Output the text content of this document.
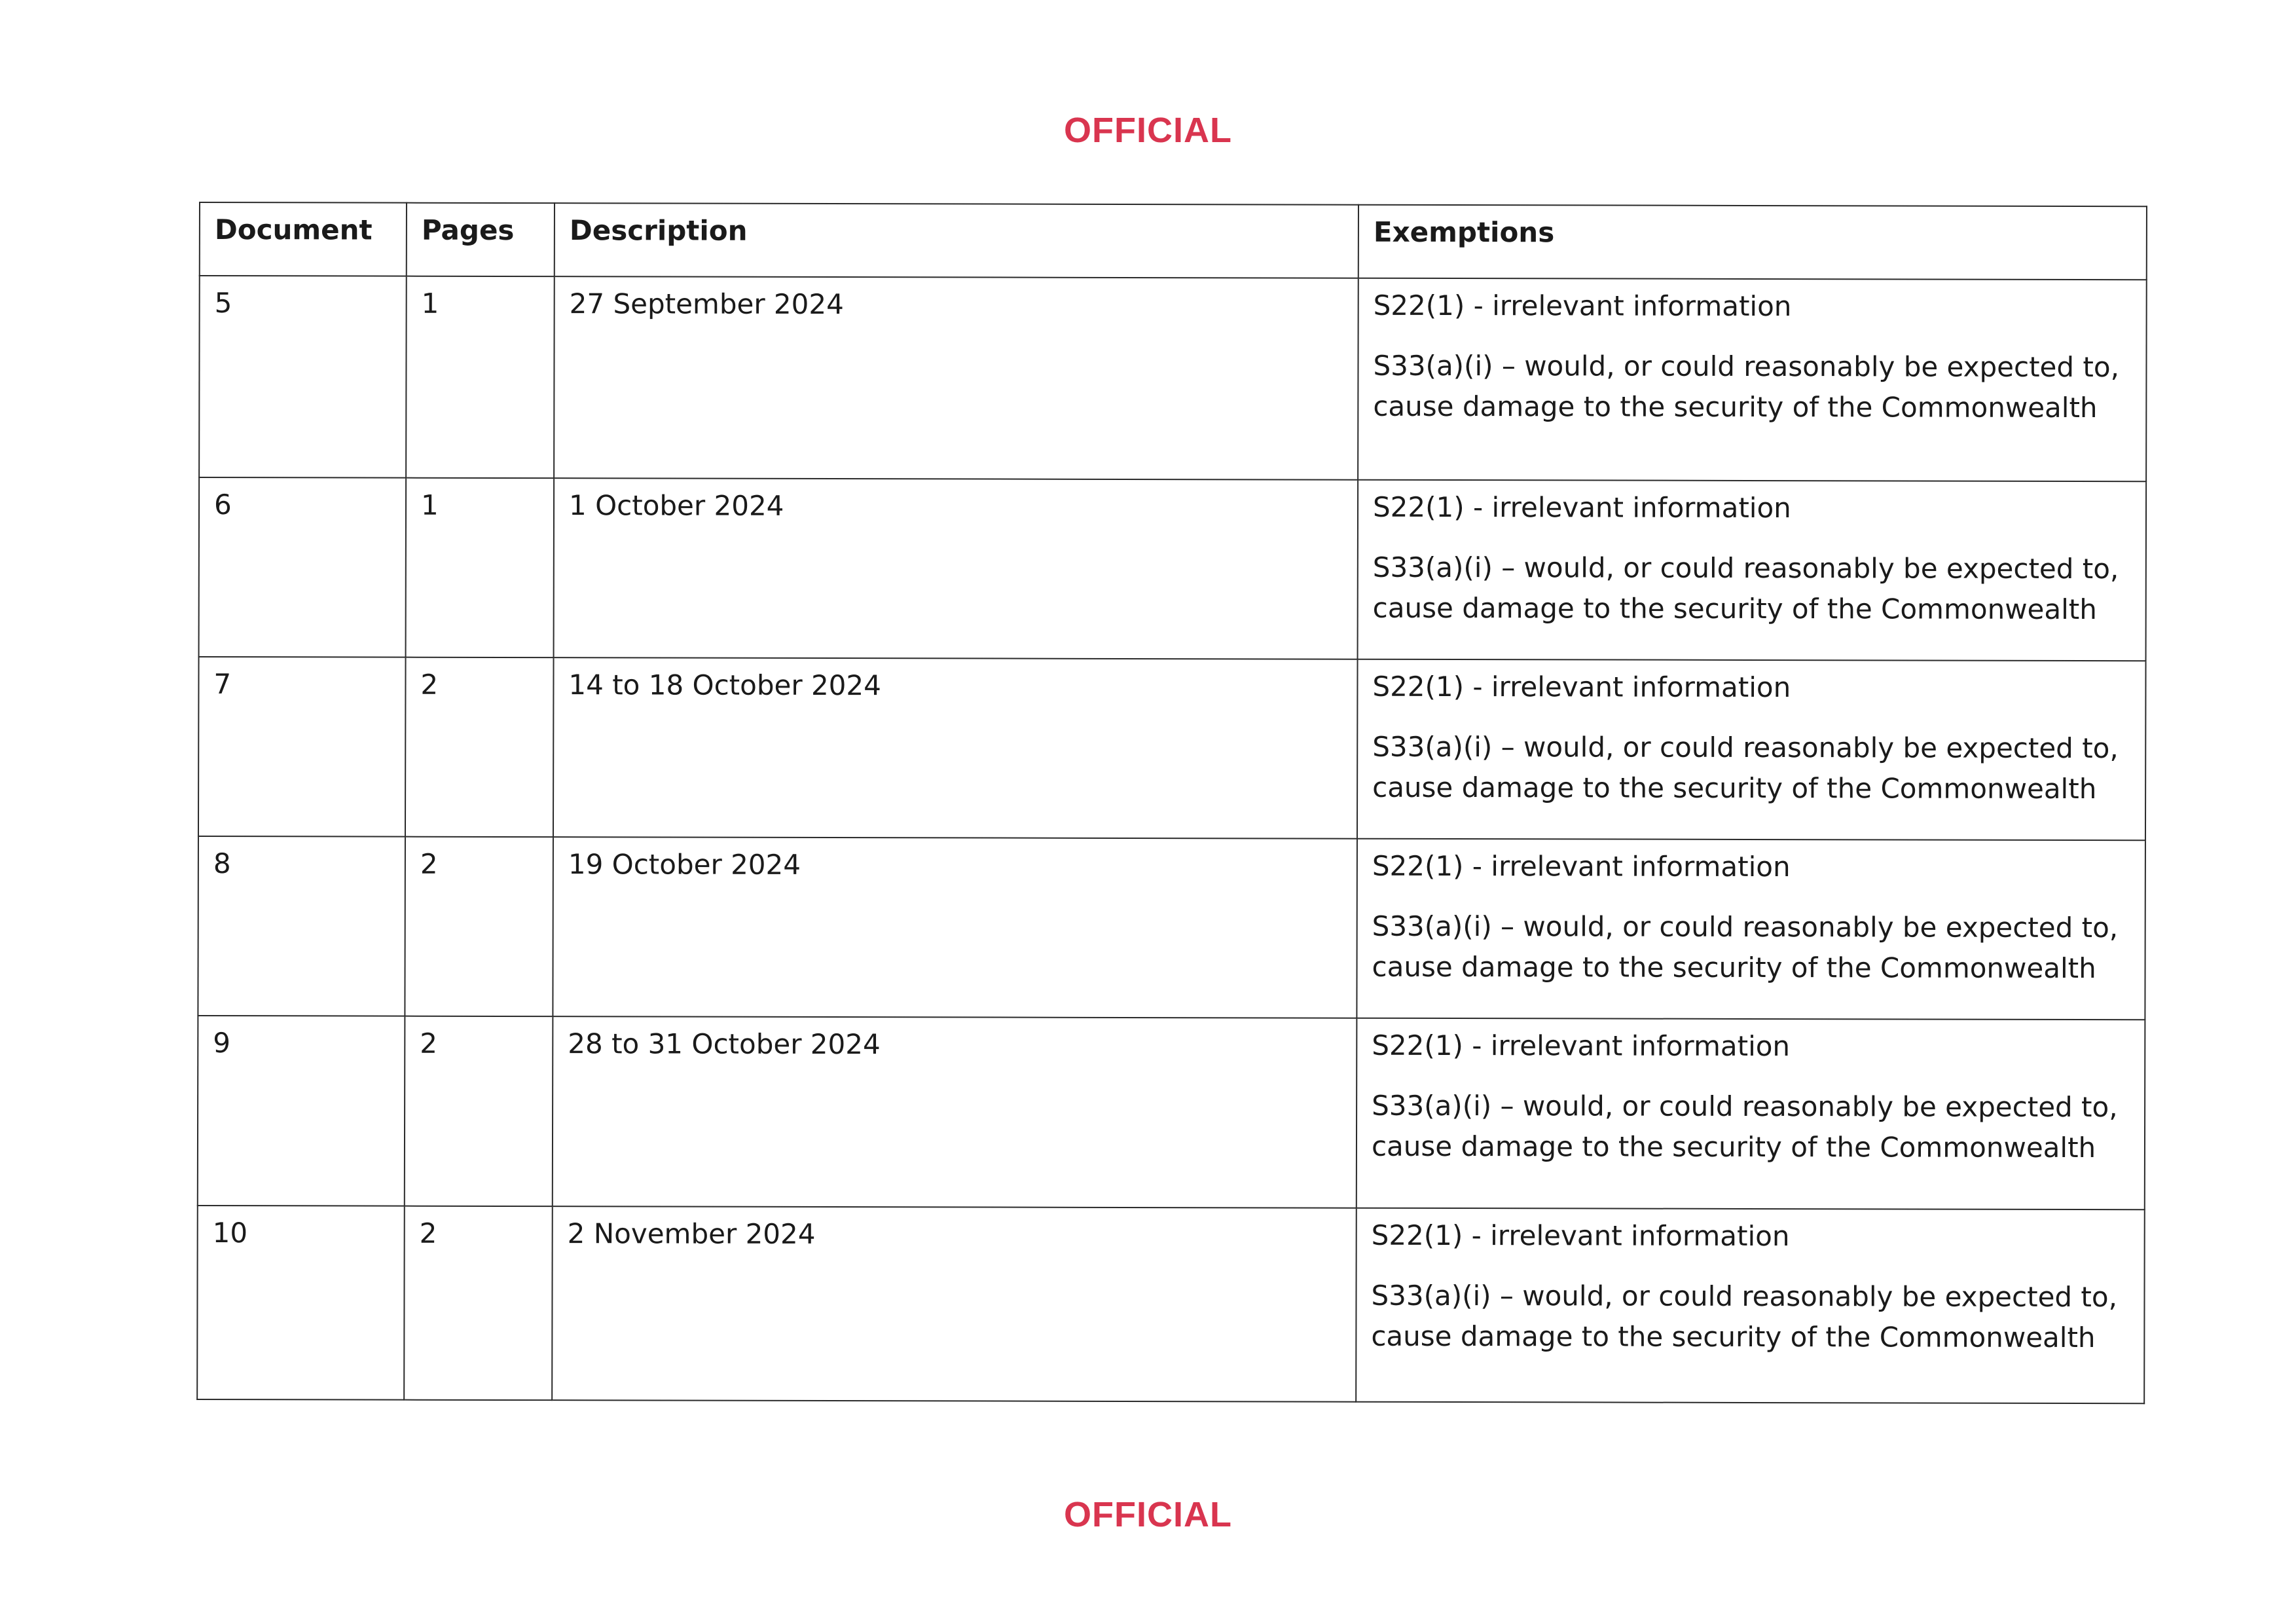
OFFICIAL
Document	Pages	Description	Exemptions
5	1	27 September 2024	S22(1) - irrelevant information
S33(a)(i) – would, or could reasonably be expected to, cause damage to the security of the Commonwealth

6	1	1 October 2024	S22(1) - irrelevant information
S33(a)(i) – would, or could reasonably be expected to, cause damage to the security of the Commonwealth

7	2	14 to 18 October 2024	S22(1) - irrelevant information
S33(a)(i) – would, or could reasonably be expected to, cause damage to the security of the Commonwealth

8	2	19 October 2024	S22(1) - irrelevant information
S33(a)(i) – would, or could reasonably be expected to, cause damage to the security of the Commonwealth

9	2	28 to 31 October 2024	S22(1) - irrelevant information
S33(a)(i) – would, or could reasonably be expected to, cause damage to the security of the Commonwealth

10	2	2 November 2024	S22(1) - irrelevant information
S33(a)(i) – would, or could reasonably be expected to, cause damage to the security of the Commonwealth
OFFICIAL
